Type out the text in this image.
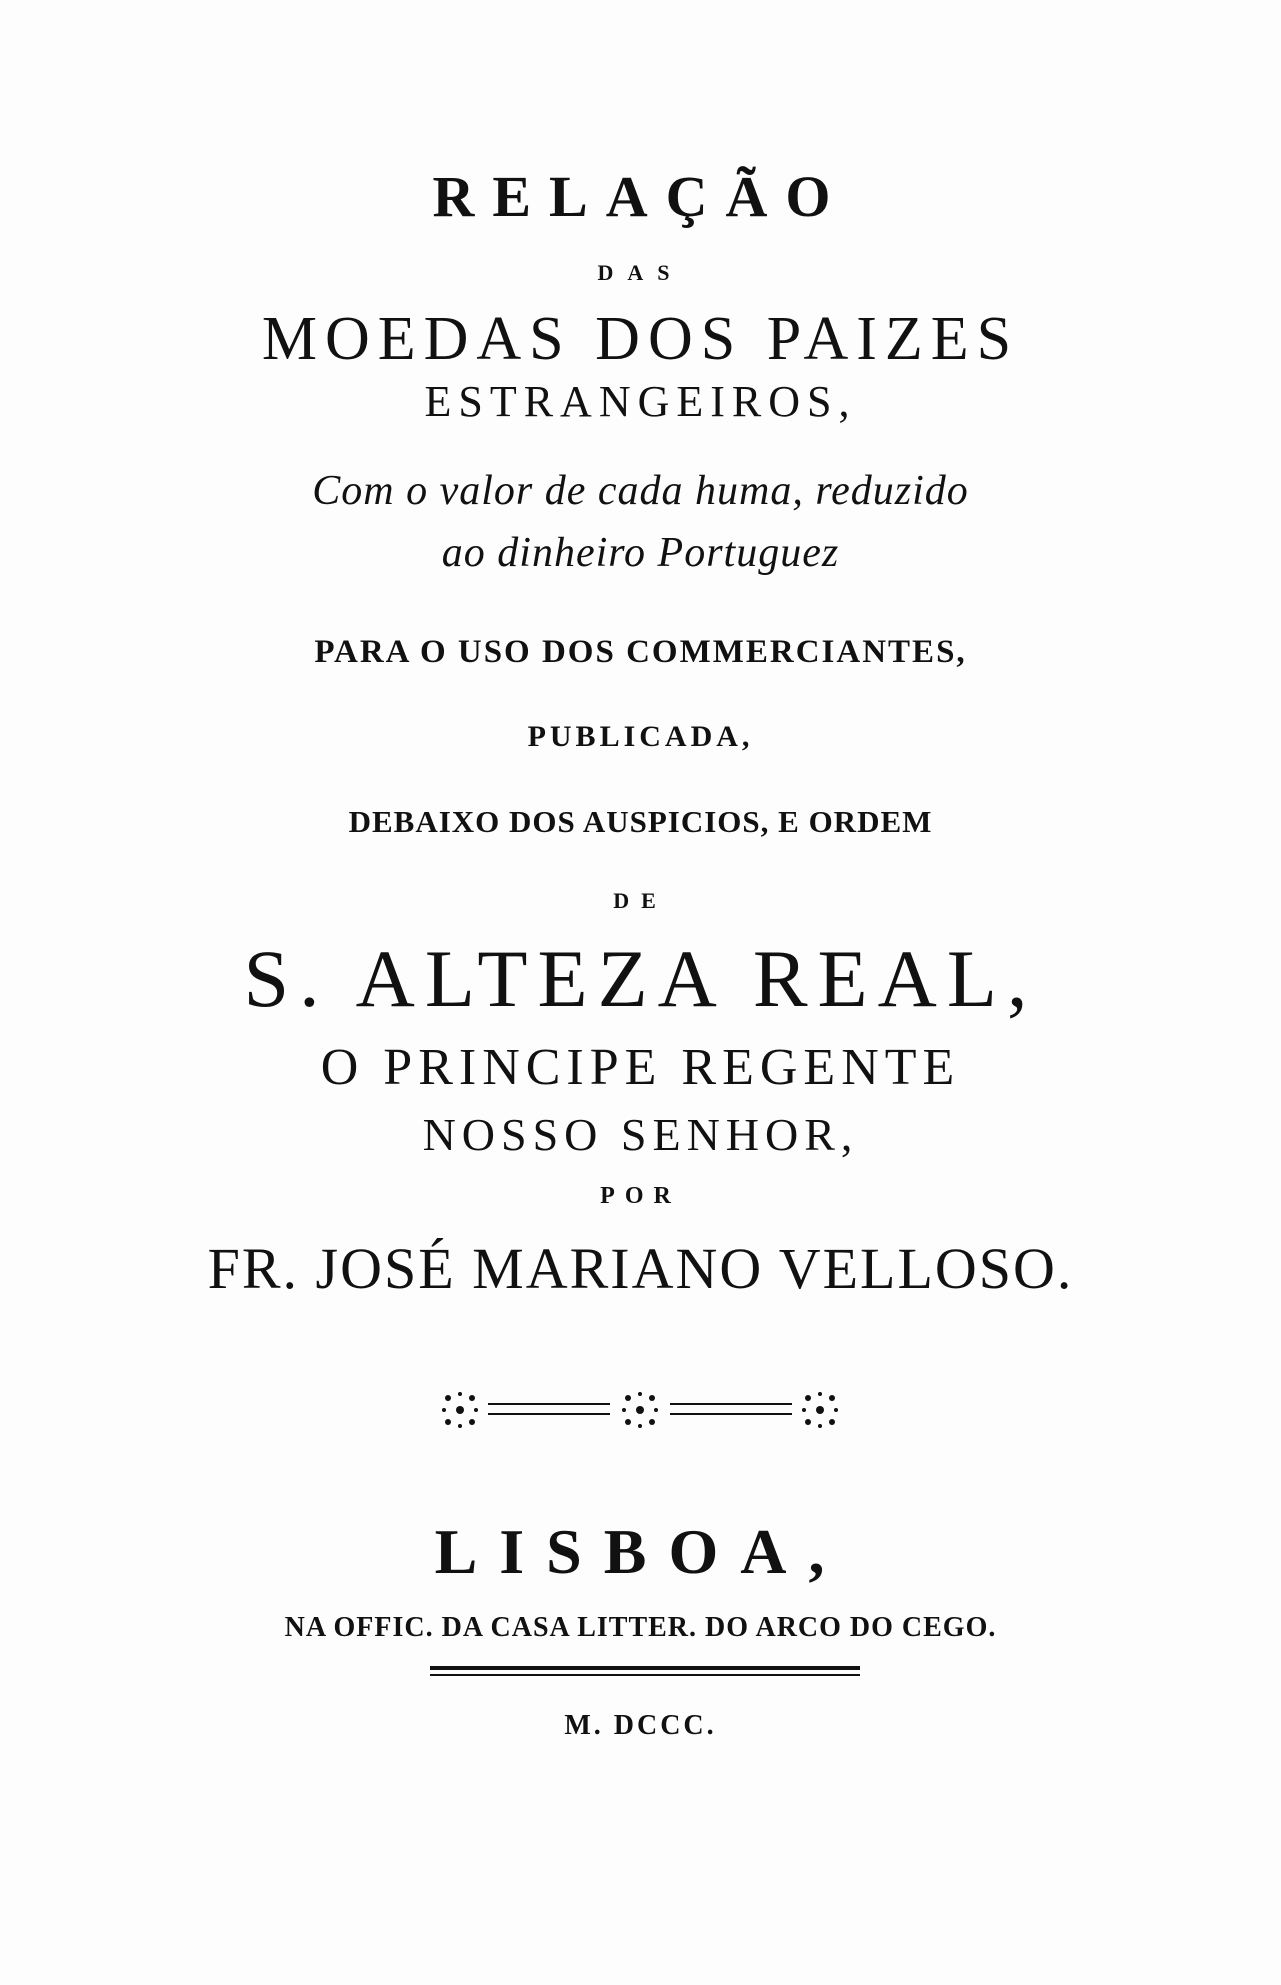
RELAÇÃO
DAS
MOEDAS DOS PAIZES
ESTRANGEIROS,
Com o valor de cada huma, reduzido
ao dinheiro Portuguez
PARA O USO DOS COMMERCIANTES,
PUBLICADA,
DEBAIXO DOS AUSPICIOS, E ORDEM
DE
S. ALTEZA REAL,
O PRINCIPE REGENTE
NOSSO SENHOR,
POR
FR. JOSÉ MARIANO VELLOSO.
LISBOA,
NA OFFIC. DA CASA LITTER. DO ARCO DO CEGO.
M. DCCC.
